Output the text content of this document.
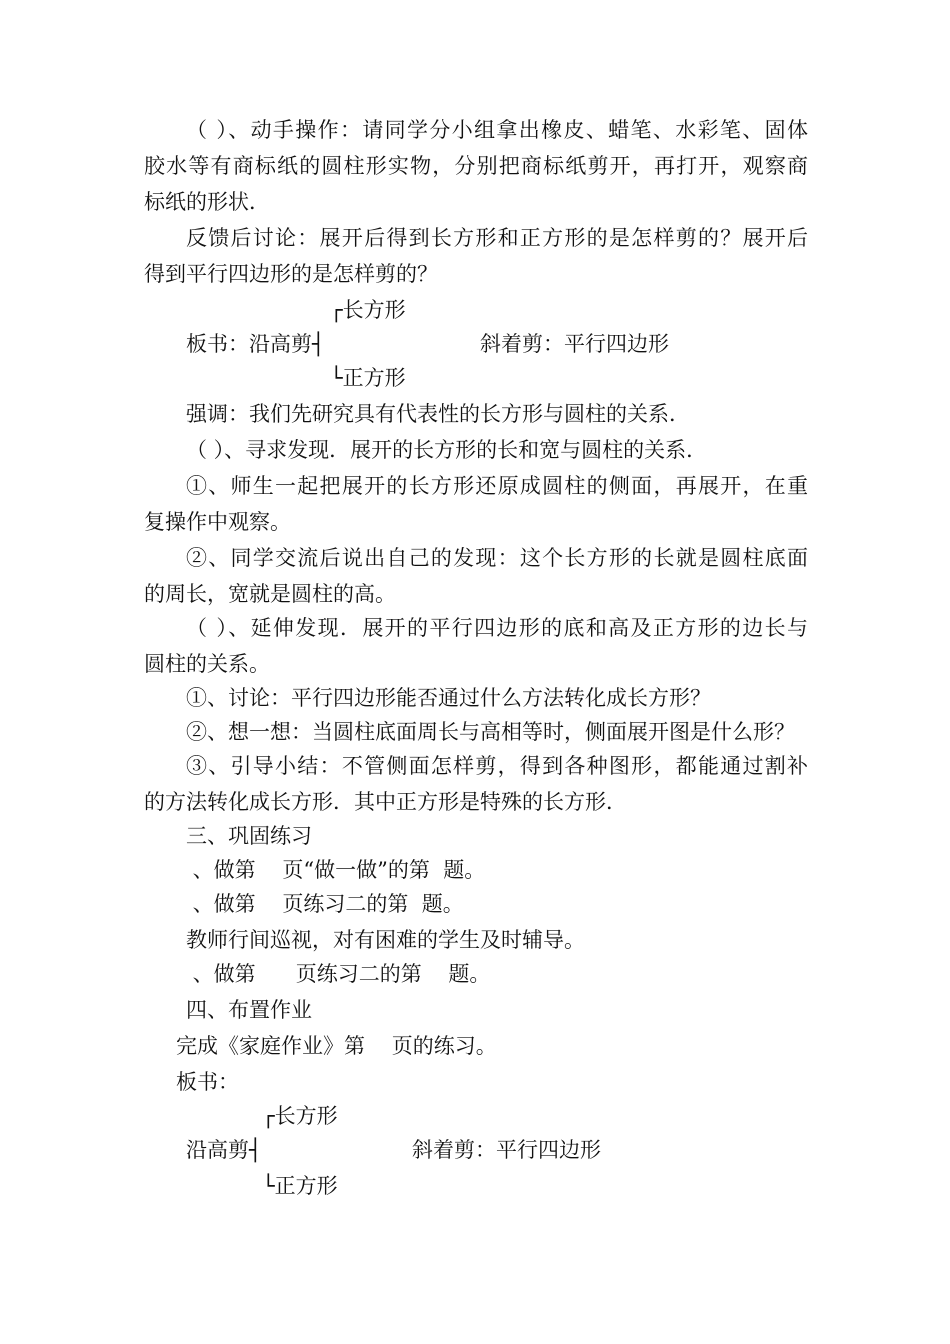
（ ）、动手操作：请同学分小组拿出橡皮、蜡笔、水彩笔、固体
胶水等有商标纸的圆柱形实物，分别把商标纸剪开，再打开，观察商
标纸的形状．
反馈后讨论：展开后得到长方形和正方形的是怎样剪的？展开后
得到平行四边形的是怎样剪的？
┌长方形
板书：沿高剪┤	斜着剪：平行四边形
└正方形
强调：我们先研究具有代表性的长方形与圆柱的关系．
（ ）、寻求发现．展开的长方形的长和宽与圆柱的关系．
①、师生一起把展开的长方形还原成圆柱的侧面，再展开，在重
复操作中观察。
②、同学交流后说出自己的发现：这个长方形的长就是圆柱底面
的周长，宽就是圆柱的高。
（ ）、延伸发现．展开的平行四边形的底和高及正方形的边长与
圆柱的关系。
①、讨论：平行四边形能否通过什么方法转化成长方形？
②、想一想：当圆柱底面周长与高相等时，侧面展开图是什么形？
③、引导小结：不管侧面怎样剪，得到各种图形，都能通过割补
的方法转化成长方形．其中正方形是特殊的长方形．
三、巩固练习
、做第    页“做一做”的第  题。
、做第    页练习二的第  题。
教师行间巡视，对有困难的学生及时辅导。
、做第      页练习二的第    题。
四、布置作业
完成《家庭作业》第    页的练习。
板书：
┌长方形
沿高剪┤	斜着剪：平行四边形
└正方形
